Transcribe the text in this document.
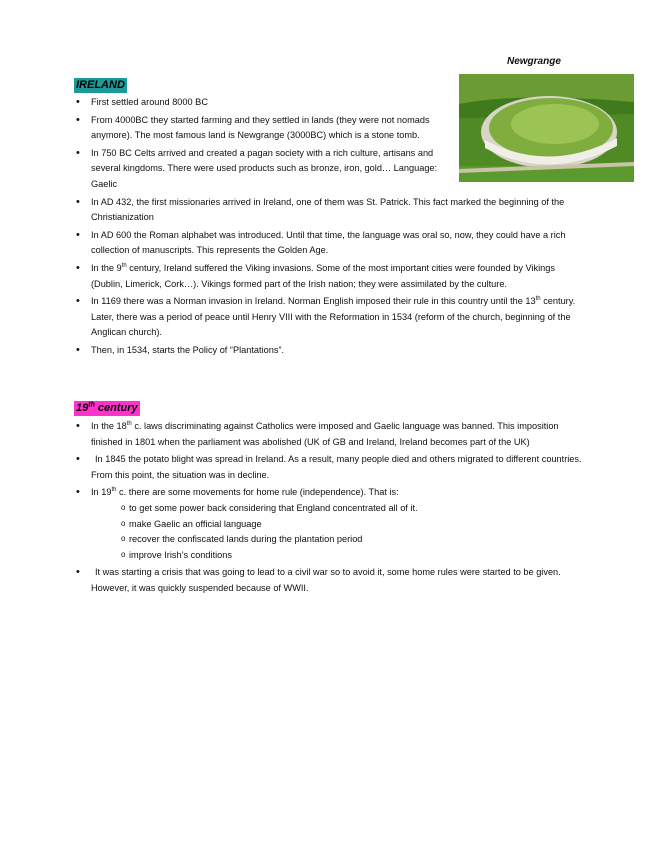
Newgrange
IRELAND
• First settled around 8000 BC
• From 4000BC they started farming and they settled in lands (they were not nomads anymore). The most famous land is Newgrange (3000BC) which is a stone tomb.
• In 750 BC Celts arrived and created a pagan society with a rich culture, artisans and several kingdoms. There were used products such as bronze, iron, gold… Language: Gaelic
• In AD 432, the first missionaries arrived in Ireland, one of them was St. Patrick. This fact marked the beginning of the Christianization
• In AD 600 the Roman alphabet was introduced. Until that time, the language was oral so, now, they could have a rich collection of manuscripts. This represents the Golden Age.
• In the 9th century, Ireland suffered the Viking invasions. Some of the most important cities were founded by Vikings (Dublin, Limerick, Cork…). Vikings formed part of the Irish nation; they were assimilated by the culture.
• In 1169 there was a Norman invasion in Ireland. Norman English imposed their rule in this country until the 13th century. Later, there was a period of peace until Henry VIII with the Reformation in 1534 (reform of the church, beginning of the Anglican church).
• Then, in 1534, starts the Policy of “Plantations”.
19th century
• In the 18th c. laws discriminating against Catholics were imposed and Gaelic language was banned. This imposition finished in 1801 when the parliament was abolished (UK of GB and Ireland, Ireland becomes part of the UK)
• In 1845 the potato blight was spread in Ireland. As a result, many people died and others migrated to different countries. From this point, the situation was in decline.
• In 19th c. there are some movements for home rule (independence). That is:
o to get some power back considering that England concentrated all of it.
o make Gaelic an official language
o recover the confiscated lands during the plantation period
o improve Irish’s conditions
• It was starting a crisis that was going to lead to a civil war so to avoid it, some home rules were started to be given. However, it was quickly suspended because of WWII.
